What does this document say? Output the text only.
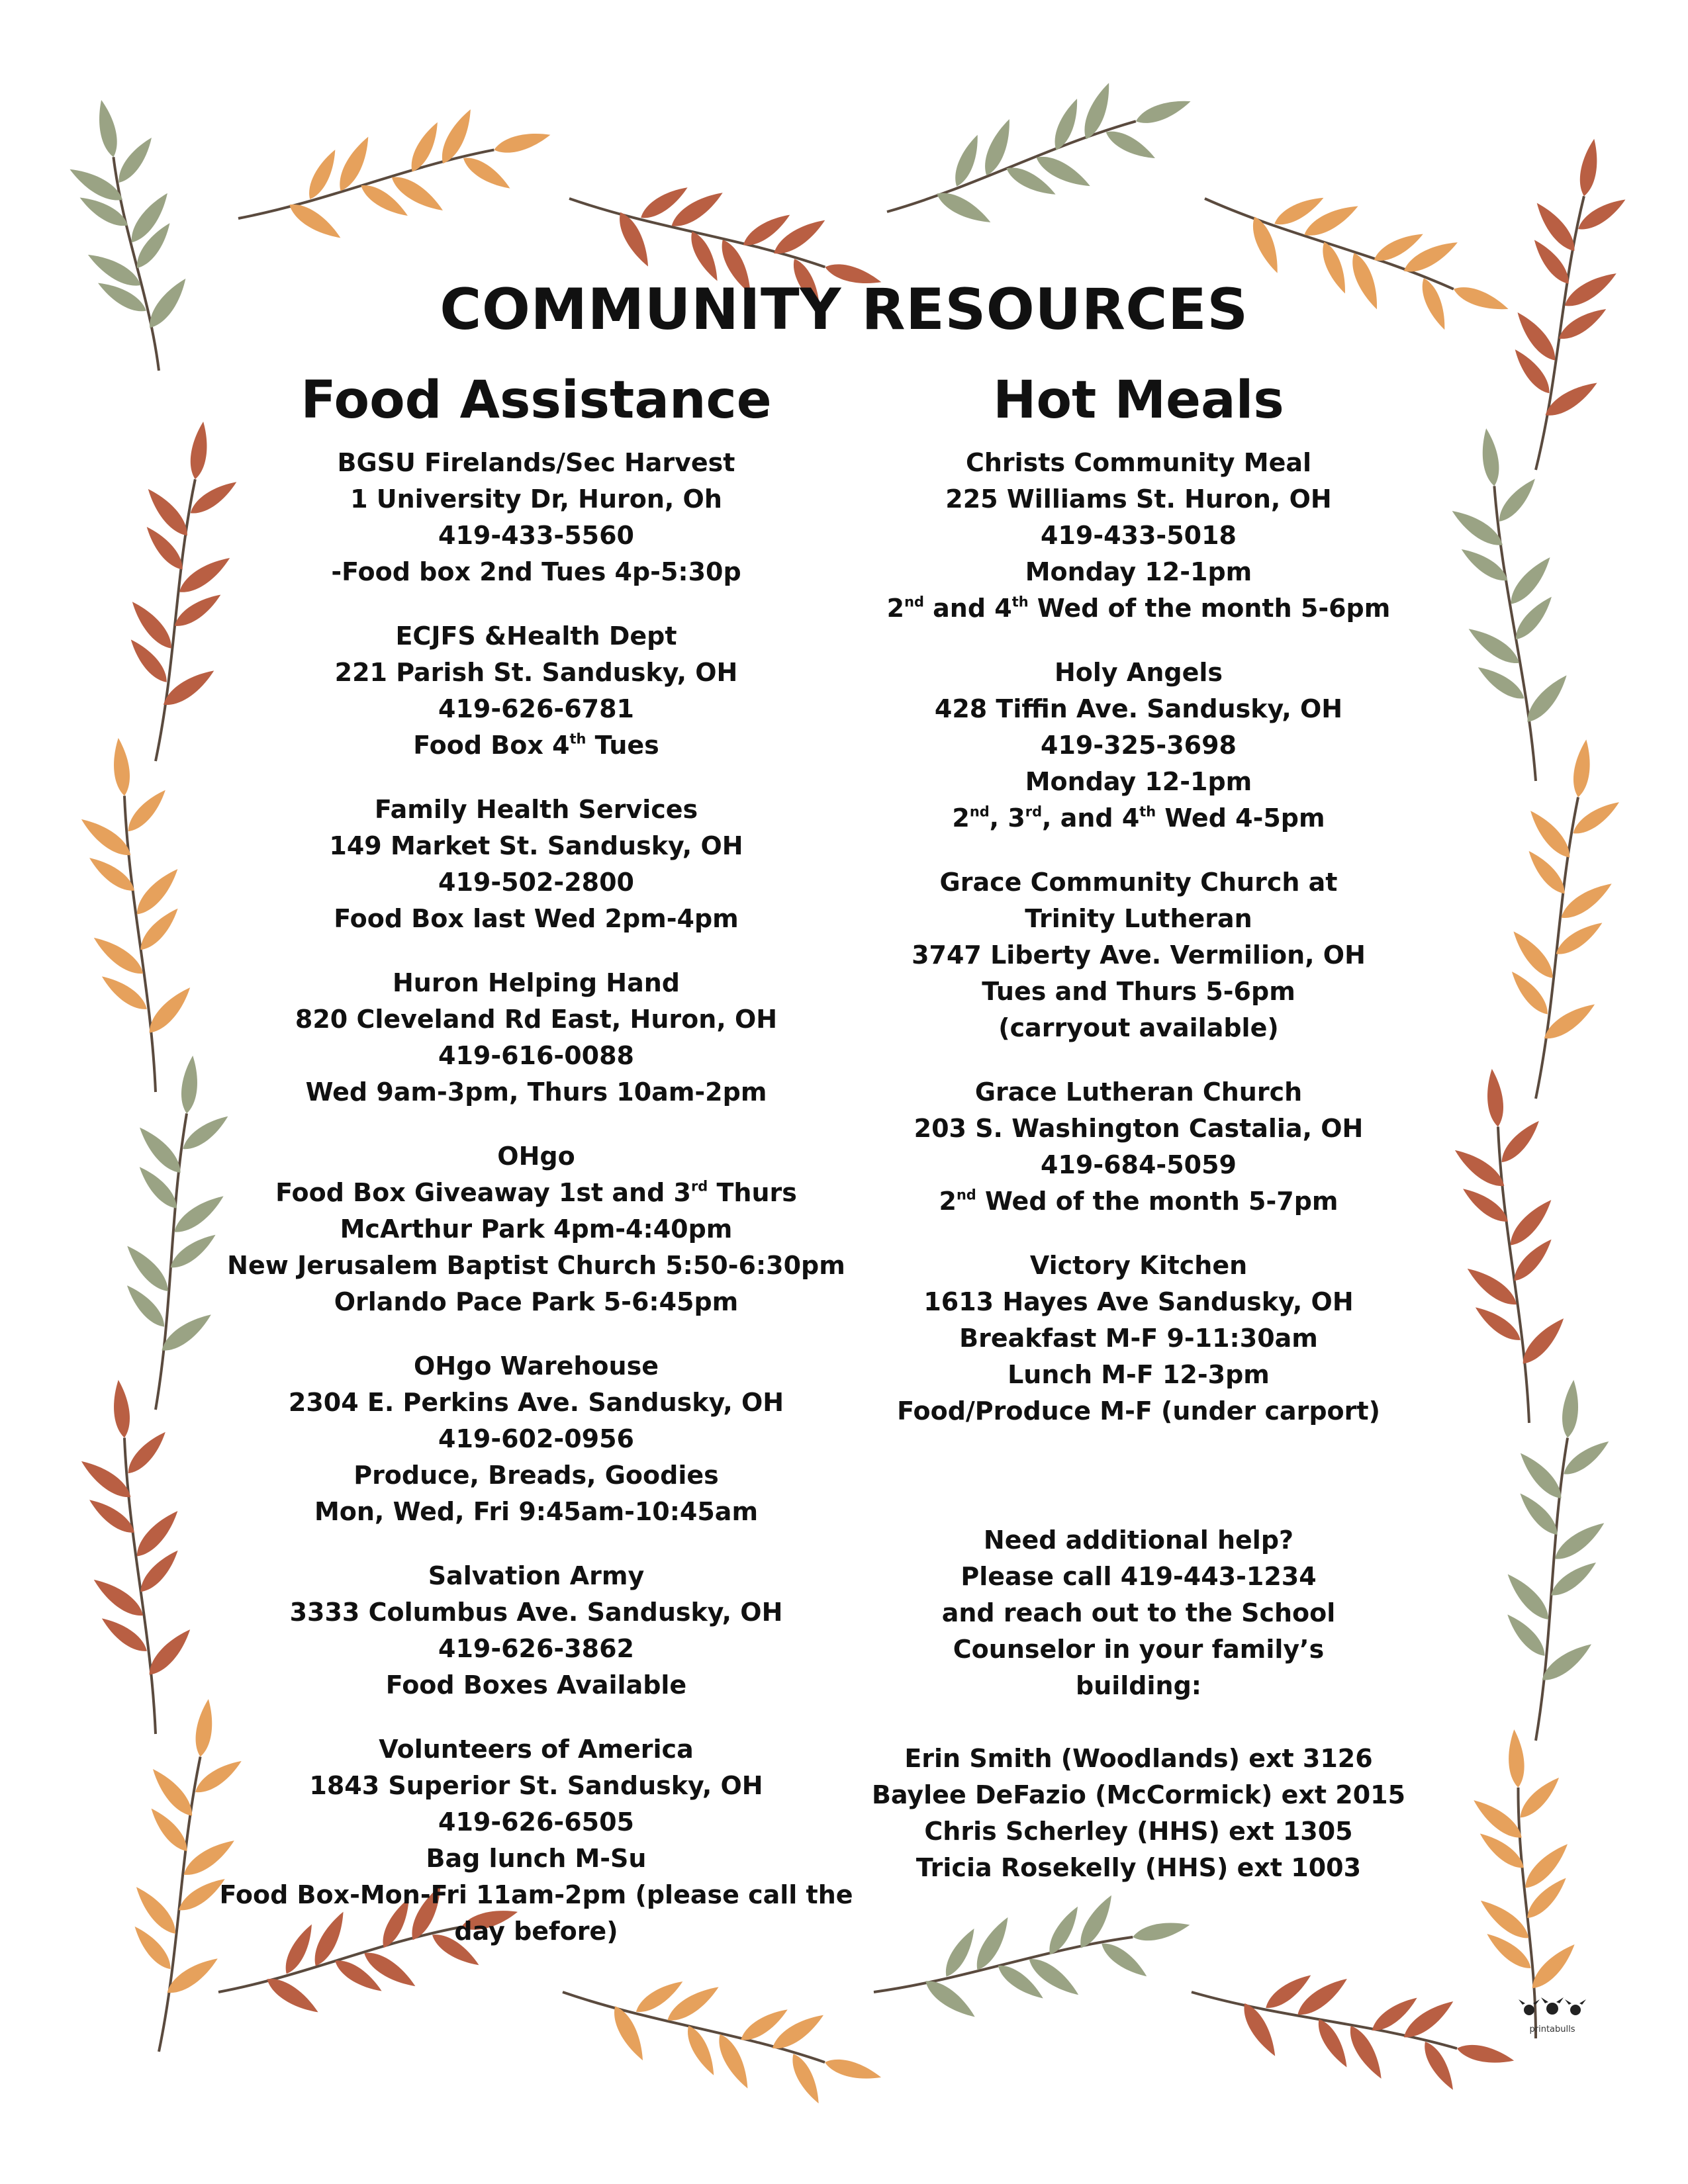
COMMUNITY RESOURCES
Food Assistance
BGSU Firelands/Sec Harvest
1 University Dr, Huron, Oh
419-433-5560
-Food box 2nd Tues 4p-5:30p
ECJFS &Health Dept
221 Parish St. Sandusky, OH
419-626-6781
Food Box 4th Tues
Family Health Services
149 Market St. Sandusky, OH
419-502-2800
Food Box last Wed 2pm-4pm
Huron Helping Hand
820 Cleveland Rd East, Huron, OH
419-616-0088
Wed 9am-3pm, Thurs 10am-2pm
OHgo
Food Box Giveaway 1st and 3rd Thurs
McArthur Park 4pm-4:40pm
New Jerusalem Baptist Church 5:50-6:30pm
Orlando Pace Park 5-6:45pm
OHgo Warehouse
2304 E. Perkins Ave. Sandusky, OH
419-602-0956
Produce, Breads, Goodies
Mon, Wed, Fri 9:45am-10:45am
Salvation Army
3333 Columbus Ave. Sandusky, OH
419-626-3862
Food Boxes Available
Volunteers of America
1843 Superior St. Sandusky, OH
419-626-6505
Bag lunch M-Su
Food Box-Mon-Fri 11am-2pm (please call the day before)
Hot Meals
Christs Community Meal
225 Williams St. Huron, OH
419-433-5018
Monday 12-1pm
2nd and 4th Wed of the month 5-6pm
Holy Angels
428 Tiffin Ave. Sandusky, OH
419-325-3698
Monday 12-1pm
2nd, 3rd, and 4th Wed 4-5pm
Grace Community Church at Trinity Lutheran
3747 Liberty Ave. Vermilion, OH
Tues and Thurs 5-6pm
(carryout available)
Grace Lutheran Church
203 S. Washington Castalia, OH
419-684-5059
2nd Wed of the month 5-7pm
Victory Kitchen
1613 Hayes Ave Sandusky, OH
Breakfast M-F 9-11:30am
Lunch M-F 12-3pm
Food/Produce M-F (under carport)
Need additional help?
Please call 419-443-1234
and reach out to the School Counselor in your family’s building:
Erin Smith (Woodlands) ext 3126
Baylee DeFazio (McCormick) ext 2015
Chris Scherley (HHS) ext 1305
Tricia Rosekelly (HHS) ext 1003
printabulls
